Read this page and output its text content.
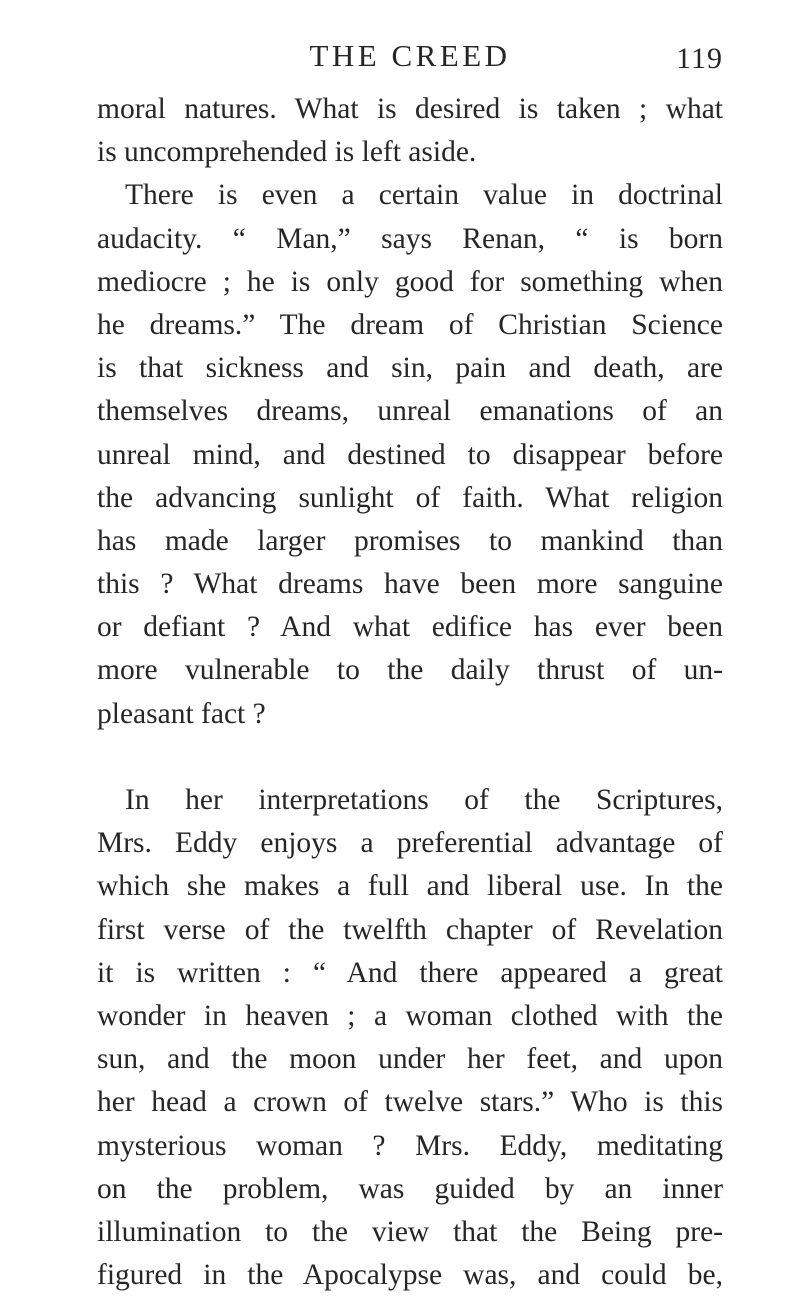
THE CREED	119
moral natures. What is desired is taken ; what
is uncomprehended is left aside.
There is even a certain value in doctrinal
audacity. “ Man,” says Renan, “ is born
mediocre ; he is only good for something when
he dreams.” The dream of Christian Science
is that sickness and sin, pain and death, are
themselves dreams, unreal emanations of an
unreal mind, and destined to disappear before
the advancing sunlight of faith. What religion
has made larger promises to mankind than
this ? What dreams have been more sanguine
or defiant ? And what edifice has ever been
more vulnerable to the daily thrust of un-
pleasant fact ?
In her interpretations of the Scriptures,
Mrs. Eddy enjoys a preferential advantage of
which she makes a full and liberal use. In the
first verse of the twelfth chapter of Revelation
it is written : “ And there appeared a great
wonder in heaven ; a woman clothed with the
sun, and the moon under her feet, and upon
her head a crown of twelve stars.” Who is this
mysterious woman ? Mrs. Eddy, meditating
on the problem, was guided by an inner
illumination to the view that the Being pre-
figured in the Apocalypse was, and could be,
